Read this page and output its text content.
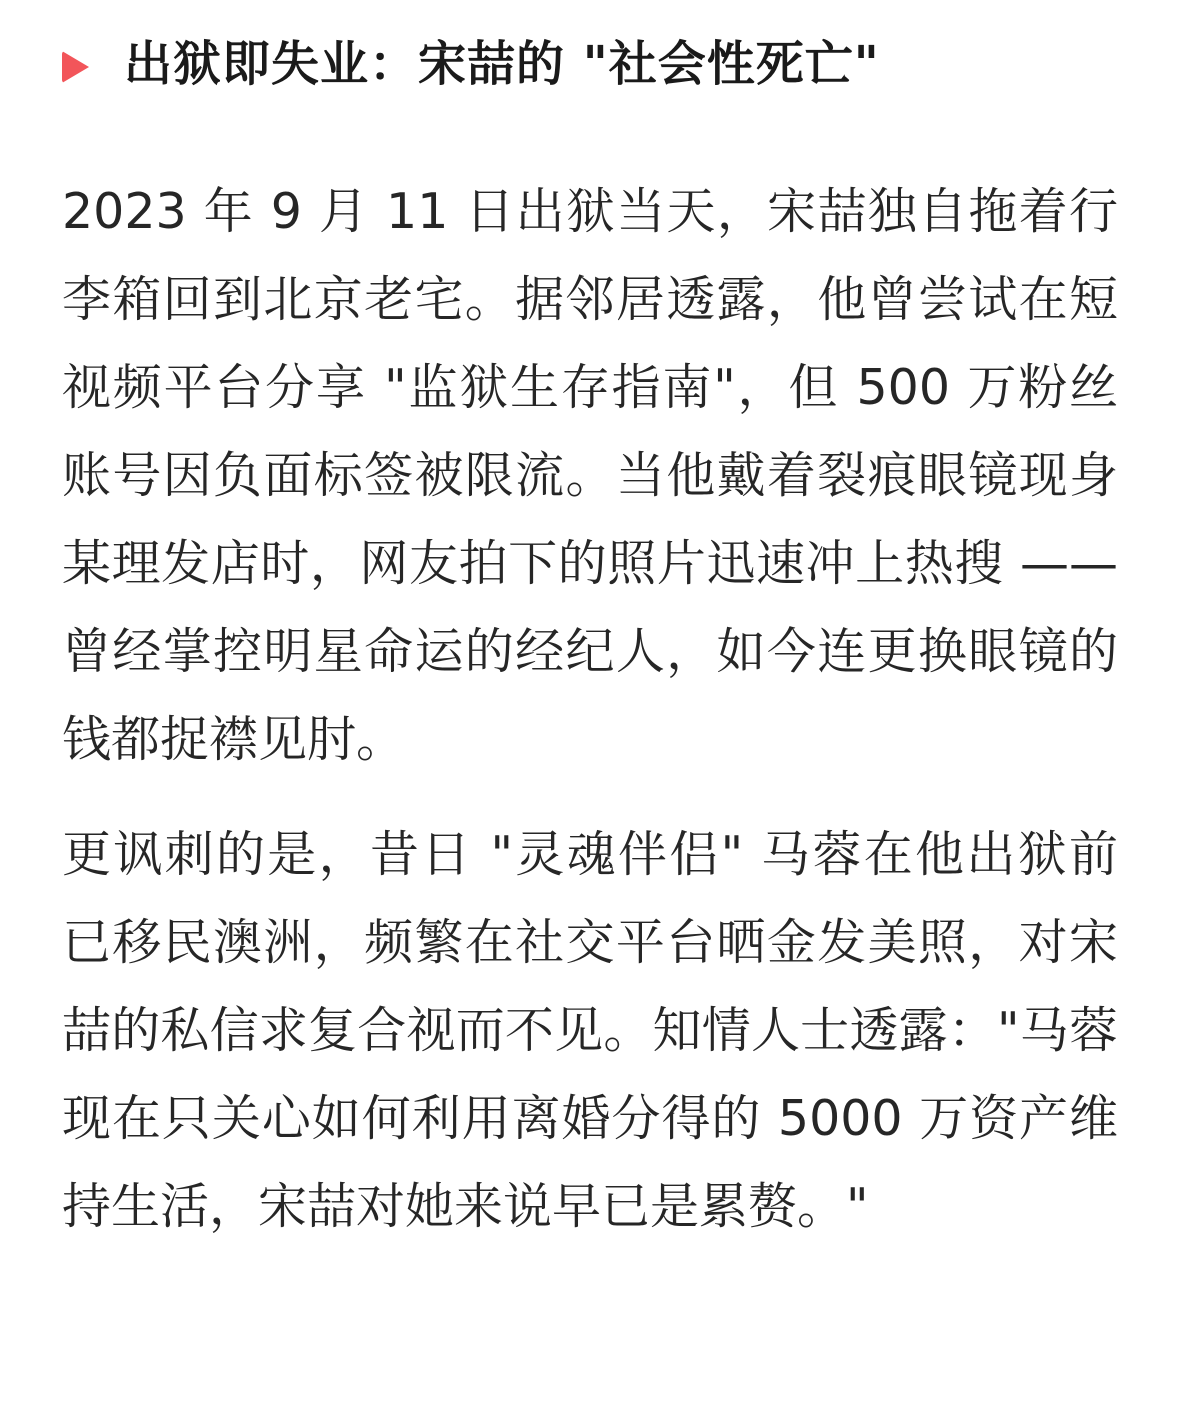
出狱即失业：宋喆的 "社会性死亡"

2023 年 9 月 11 日出狱当天，宋喆独自拖着行李箱回到北京老宅。据邻居透露，他曾尝试在短视频平台分享 "监狱生存指南"，但 500 万粉丝账号因负面标签被限流。当他戴着裂痕眼镜现身某理发店时，网友拍下的照片迅速冲上热搜 —— 曾经掌控明星命运的经纪人，如今连更换眼镜的钱都捉襟见肘。

更讽刺的是，昔日 "灵魂伴侣" 马蓉在他出狱前已移民澳洲，频繁在社交平台晒金发美照，对宋喆的私信求复合视而不见。知情人士透露："马蓉现在只关心如何利用离婚分得的 5000 万资产维持生活，宋喆对她来说早已是累赘。"
